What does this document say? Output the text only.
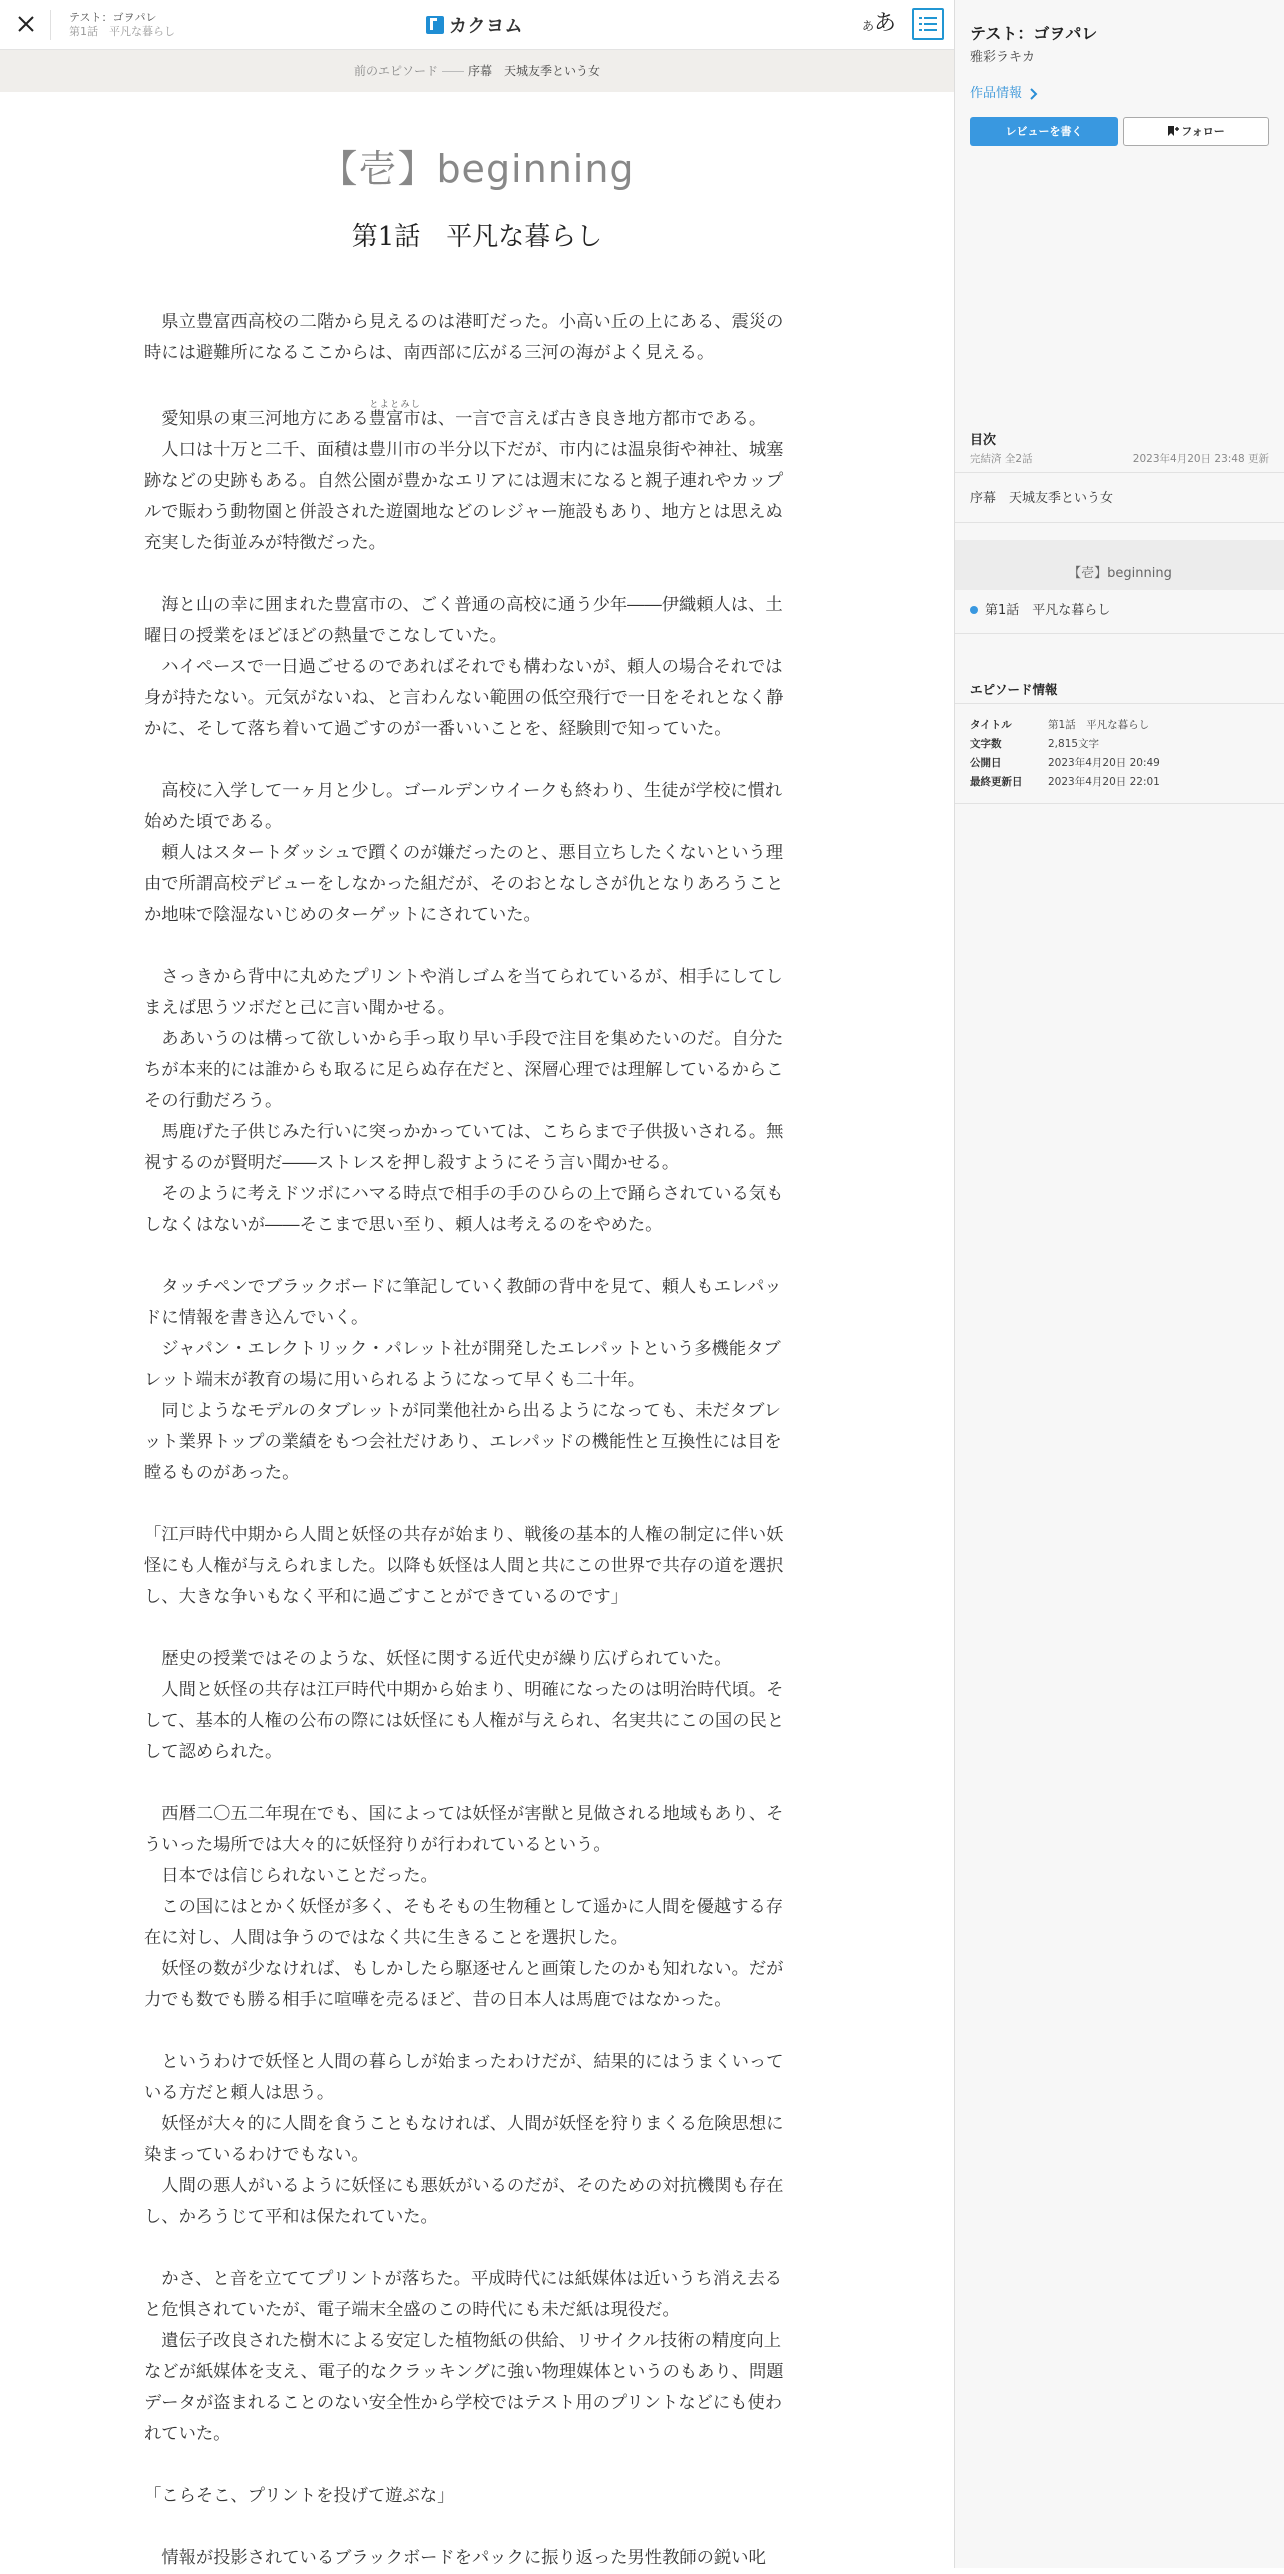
テスト：ゴヲパレ
第1話　平凡な暮らし	カクヨム	ああ
前のエピソード	序幕　天城友季という女
【壱】beginning
第1話　平凡な暮らし

　県立豊富西高校の二階から見えるのは港町だった。小高い丘の上にある、震災の時には避難所になるここからは、南西部に広がる三河の海がよく見える。

　愛知県の東三河地方にある豊富市とよとみしは、一言で言えば古き良き地方都市である。

　人口は十万と二千、面積は豊川市の半分以下だが、市内には温泉街や神社、城塞跡などの史跡もある。自然公園が豊かなエリアには週末になると親子連れやカップルで賑わう動物園と併設された遊園地などのレジャー施設もあり、地方とは思えぬ充実した街並みが特徴だった。

　海と山の幸に囲まれた豊富市の、ごく普通の高校に通う少年――伊織頼人は、土曜日の授業をほどほどの熱量でこなしていた。

　ハイペースで一日過ごせるのであればそれでも構わないが、頼人の場合それでは身が持たない。元気がないね、と言わんない範囲の低空飛行で一日をそれとなく静かに、そして落ち着いて過ごすのが一番いいことを、経験則で知っていた。

　高校に入学して一ヶ月と少し。ゴールデンウイークも終わり、生徒が学校に慣れ始めた頃である。

　頼人はスタートダッシュで躓くのが嫌だったのと、悪目立ちしたくないという理由で所謂高校デビューをしなかった組だが、そのおとなしさが仇となりあろうことか地味で陰湿ないじめのターゲットにされていた。

　さっきから背中に丸めたプリントや消しゴムを当てられているが、相手にしてしまえば思うツボだと己に言い聞かせる。

　ああいうのは構って欲しいから手っ取り早い手段で注目を集めたいのだ。自分たちが本来的には誰からも取るに足らぬ存在だと、深層心理では理解しているからこその行動だろう。

　馬鹿げた子供じみた行いに突っかかっていては、こちらまで子供扱いされる。無視するのが賢明だ――ストレスを押し殺すようにそう言い聞かせる。

　そのように考えドツボにハマる時点で相手の手のひらの上で踊らされている気もしなくはないが――そこまで思い至り、頼人は考えるのをやめた。

　タッチペンでブラックボードに筆記していく教師の背中を見て、頼人もエレパッドに情報を書き込んでいく。

　ジャパン・エレクトリック・パレット社が開発したエレパットという多機能タブレット端末が教育の場に用いられるようになって早くも二十年。

　同じようなモデルのタブレットが同業他社から出るようになっても、未だタブレット業界トップの業績をもつ会社だけあり、エレパッドの機能性と互換性には目を瞠るものがあった。

「江戸時代中期から人間と妖怪の共存が始まり、戦後の基本的人権の制定に伴い妖怪にも人権が与えられました。以降も妖怪は人間と共にこの世界で共存の道を選択し、大きな争いもなく平和に過ごすことができているのです」

　歴史の授業ではそのような、妖怪に関する近代史が繰り広げられていた。

　人間と妖怪の共存は江戸時代中期から始まり、明確になったのは明治時代頃。そして、基本的人権の公布の際には妖怪にも人権が与えられ、名実共にこの国の民として認められた。

　西暦二〇五二年現在でも、国によっては妖怪が害獣と見做される地域もあり、そういった場所では大々的に妖怪狩りが行われているという。

　日本では信じられないことだった。

　この国にはとかく妖怪が多く、そもそもの生物種として遥かに人間を優越する存在に対し、人間は争うのではなく共に生きることを選択した。

　妖怪の数が少なければ、もしかしたら駆逐せんと画策したのかも知れない。だが力でも数でも勝る相手に喧嘩を売るほど、昔の日本人は馬鹿ではなかった。

　というわけで妖怪と人間の暮らしが始まったわけだが、結果的にはうまくいっている方だと頼人は思う。

　妖怪が大々的に人間を食うこともなければ、人間が妖怪を狩りまくる危険思想に染まっているわけでもない。

　人間の悪人がいるように妖怪にも悪妖がいるのだが、そのための対抗機関も存在し、かろうじて平和は保たれていた。

　かさ、と音を立ててプリントが落ちた。平成時代には紙媒体は近いうち消え去ると危惧されていたが、電子端末全盛のこの時代にも未だ紙は現役だ。

　遺伝子改良された樹木による安定した植物紙の供給、リサイクル技術の精度向上などが紙媒体を支え、電子的なクラッキングに強い物理媒体というのもあり、問題データが盗まれることのない安全性から学校ではテスト用のプリントなどにも使われていた。

「こらそこ、プリントを投げて遊ぶな」

　情報が投影されているブラックボードをパックに振り返った男性教師の鋭い叱

テスト：ゴヲパレ
雅彩ラキカ
作品情報
レビューを書く	フォロー
目次
完結済 全2話	2023年4月20日 23:48 更新
序幕　天城友季という女
【壱】beginning
第1話　平凡な暮らし
エピソード情報
タイトル	第1話　平凡な暮らし
文字数	2,815文字
公開日	2023年4月20日 20:49
最終更新日	2023年4月20日 22:01
